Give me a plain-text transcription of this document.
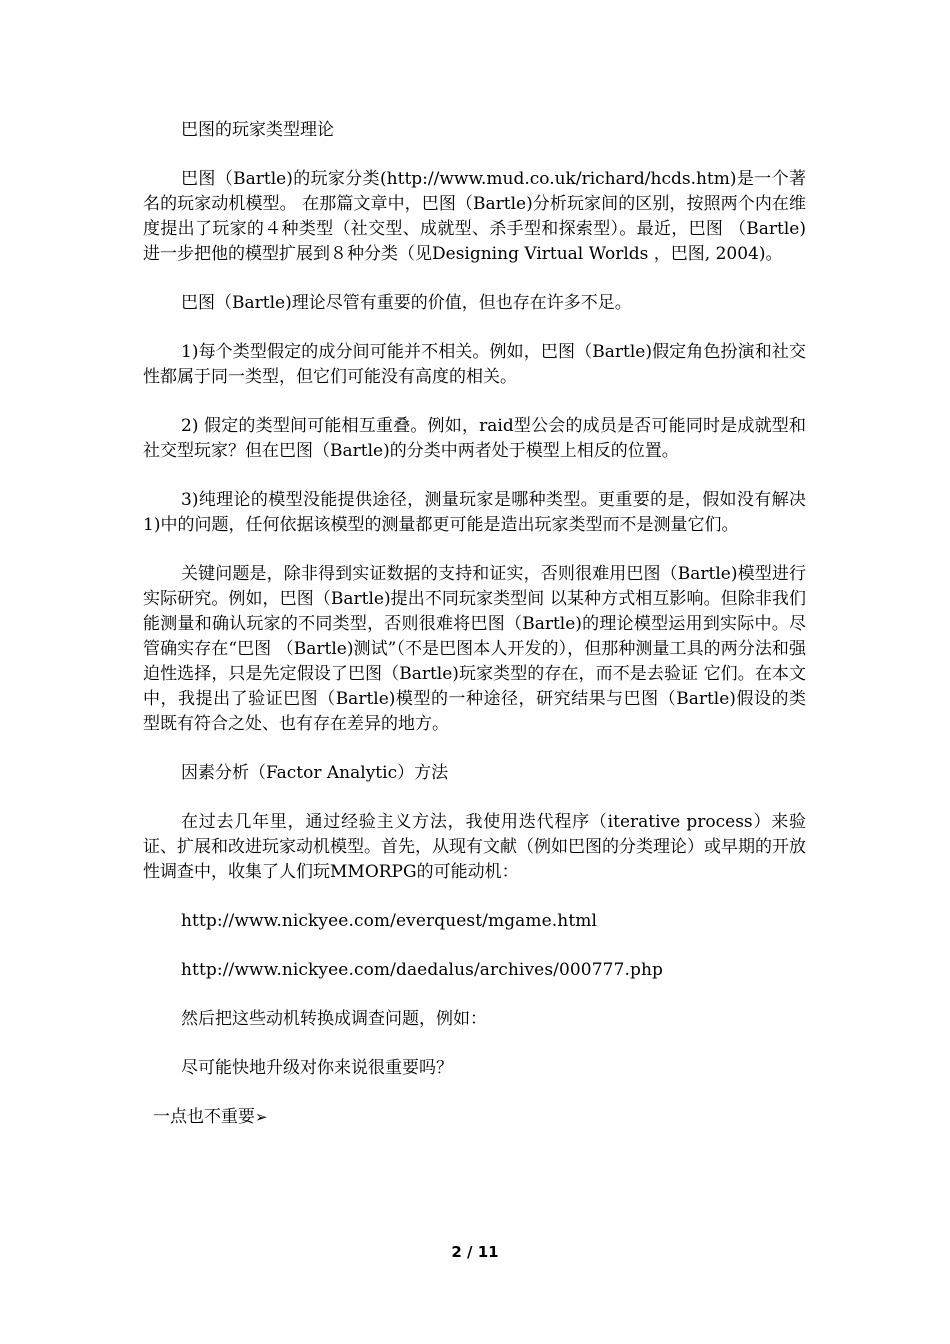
巴图的玩家类型理论

巴图（Bartle)的玩家分类(http://www.mud.co.uk/richard/hcds.htm)是一个著名的玩家动机模型。 在那篇文章中，巴图（Bartle)分析玩家间的区别，按照两个内在维度提出了玩家的４种类型（社交型、成就型、杀手型和探索型）。最近，巴图 （Bartle)进一步把他的模型扩展到８种分类（见Designing Virtual Worlds ，巴图, 2004)。

巴图（Bartle)理论尽管有重要的价值，但也存在许多不足。

1)每个类型假定的成分间可能并不相关。例如，巴图（Bartle)假定角色扮演和社交性都属于同一类型，但它们可能没有高度的相关。

2) 假定的类型间可能相互重叠。例如，raid型公会的成员是否可能同时是成就型和社交型玩家？但在巴图（Bartle)的分类中两者处于模型上相反的位置。

3)纯理论的模型没能提供途径，测量玩家是哪种类型。更重要的是，假如没有解决1)中的问题，任何依据该模型的测量都更可能是造出玩家类型而不是测量它们。

关键问题是，除非得到实证数据的支持和证实，否则很难用巴图（Bartle)模型进行实际研究。例如，巴图（Bartle)提出不同玩家类型间 以某种方式相互影响。但除非我们能测量和确认玩家的不同类型，否则很难将巴图（Bartle)的理论模型运用到实际中。尽管确实存在“巴图 （Bartle)测试”（不是巴图本人开发的），但那种测量工具的两分法和强迫性选择，只是先定假设了巴图（Bartle)玩家类型的存在，而不是去验证 它们。在本文中，我提出了验证巴图（Bartle)模型的一种途径，研究结果与巴图（Bartle)假设的类型既有符合之处、也有存在差异的地方。

因素分析（Factor Analytic）方法

在过去几年里，通过经验主义方法，我使用迭代程序（iterative process）来验证、扩展和改进玩家动机模型。首先，从现有文献（例如巴图的分类理论）或早期的开放性调查中，收集了人们玩MMORPG的可能动机：

http://www.nickyee.com/everquest/mgame.html

http://www.nickyee.com/daedalus/archives/000777.php

然后把这些动机转换成调查问题，例如：

尽可能快地升级对你来说很重要吗？

一点也不重要➢

2 / 11
